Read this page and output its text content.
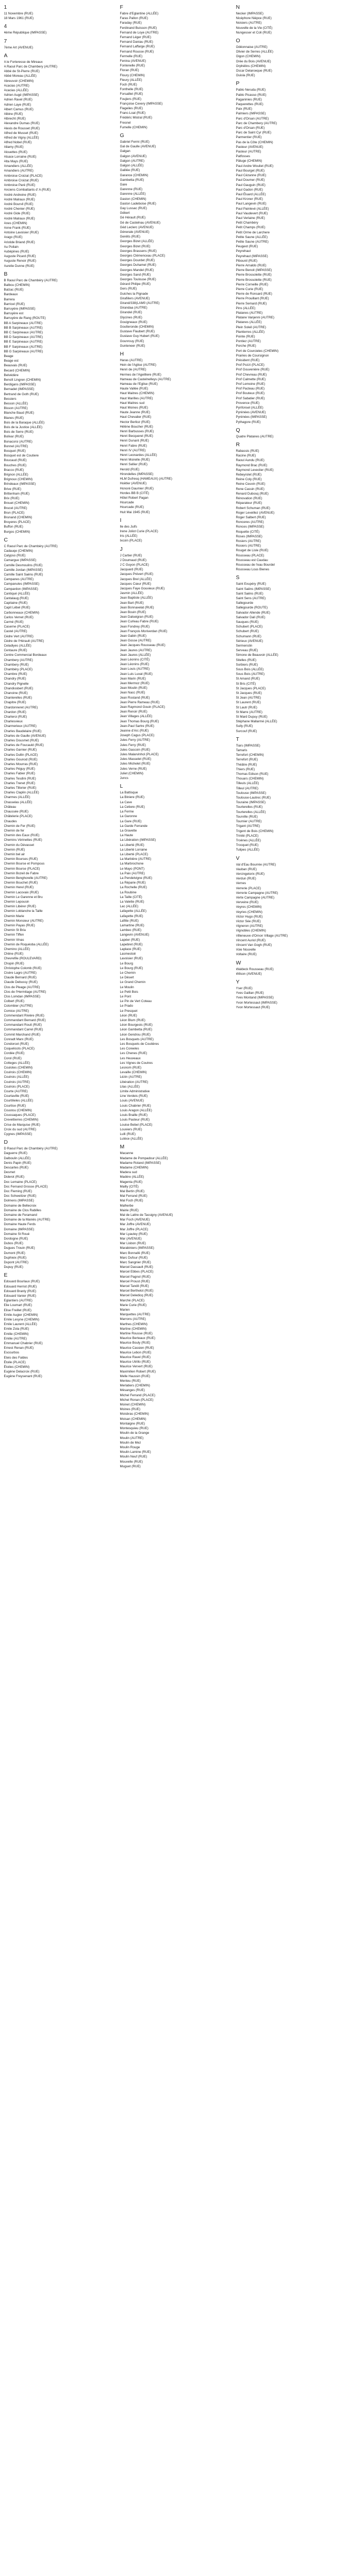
1
11 Novembre (RUE)
18 Mars 1961 (RUE)
4
4ème République (IMPASSE)
7
7ème Art (AVENUE)
A
A le Forteresse de Mireaux
A Raoul Parc de Chambery (AUTRE)
Abbé de St-Pierre (RUE)
Abbé Moreau (ALLÉE)
Abreuvoir (CHEMIN)
Acacias (AUTRE)
Acacias (ALLÉE)
Adrien Augé (IMPASSE)
Adrien Ravel (RUE)
Adrien Laye (RUE)
Albert Camus (RUE)
Albine (RUE)
Albrecht (RUE)
Alexandre Dumas (RUE)
Alexis de Rousset (RUE)
Alfred de Musset (RUE)
Alfred de Vigny (ALLÉE)
Alfred Nobel (RUE)
Allamy (RUE)
Alouettes (RUE)
Alsace Lorraine (RUE)
Alta Mays (RUE)
Amandiers (ALLÉE)
Amandiers (AUTRE)
Ambroise Croizat (PLACE)
Ambroise Croizat (RUE)
Ambroise Paré (RUE)
Anciens Combattants d' A (RUE)
André Andreine (RUE)
André Malraux (RUE)
André Bourvil (RUE)
André Chenier (RUE)
André Gide (RUE)
André Malraux (RUE)
Anes (CHEMIN)
Anne Frank (RUE)
Antoine Lavoisier (RUE)
Arago (RUE)
Aristide Briand (RUE)
Au Poilain
Aubépines (RUE)
Auguste Picard (RUE)
Auguste Renoir (RUE)
Aurelie Dunne (RUE)
B
B Raoul Parc de Chambéry (AUTRE)
Balbou (CHEMIN)
Balzac (RUE)
Bardeaux
Barrera
Barricel (RUE)
Barruyère (IMPASSE)
Barruyère est
Barruyère de Rang (ROUTE)
BB A Sarpineaux (AUTRE)
BB B Sarpineaux (AUTRE)
BB C Sarpineaux (AUTRE)
BB D Sarpineaux (AUTRE)
BB E Sarpineaux (AUTRE)
BB F Sarpineaux (AUTRE)
BB G Sarpineaux (AUTRE)
Beage
Beage est
Beauvais (RUE)
Becard (CHEMIN)
Belvédère
Benoît Lingren (CHEMIN)
Berdigans (IMPASSE)
Bernadet (IMPASSE)
Bertrand de Goth (RUE)
Bessiers
Besson (ALLÉE)
Bisson (AUTRE)
Blanche Baud (RUE)
Blanes (RUE)
Bois de la Baraque (ALLÉE)
Bois de la Justice (ALLÉE)
Bois de Serre (RUE)
Bolivar (RUE)
Bonacorsi (AUTRE)
Bonnel (AUTRE)
Bosquet (RUE)
Bosquet est de Coutiere
Boucaud (RUE)
Bouches (RUE)
Bracco (RUE)
Brignon (ALLÉE)
Brignoux (CHEMIN)
Brindeaux (IMPASSE)
Brive (RUE)
Brittenham (RUE)
Brix (RUE)
Brouet (CHEMIN)
Brucel (AUTRE)
Brun (PLACE)
Brunand (CHEMIN)
Bruyeres (PLACE)
Buffon (RUE)
Burgos (CHEMIN)
C
C Raoul Parc de Chambéry (AUTRE)
Cadauqe (CHEMIN)
Calypso (RUE)
Camargue (IMPASSE)
Camille Desmoulins (RUE)
Camille Jordan (IMPASSE)
Camille Saint Saëns (RUE)
Campanes (AUTRE)
Campanules (IMPASSE)
Campardon (IMPASSE)
Cantiqué (ALLÉE)
Cantalaug (RUE)
Capitaine (RUE)
Capit Lébel (RUE)
Carbonneaux (CHEMIN)
Carlos Vernet (RUE)
Carmé (RUE)
Caserne (PLACE)
Castel (AUTRE)
Cèdre Vert (AUTRE)
Cèdre de l'Hérault (AUTRE)
Celadiyes (ALLÉE)
Centaure (RUE)
Centre Commercial Bordeaux
Chambery (AUTRE)
Chambery (RUE)
Chambéry (PLACE)
Chambre (RUE)
Chandry (RUE)
Chandry Pignelle
Chandiosbert (RUE)
Chanoine (RUE)
Chanterelles (RUE)
Chapitre (RUE)
Chardonneret (AUTRE)
Chardon (RUE)
Charleroi (RUE)
Charlesvieux
Charmerieux (AUTRE)
Charles Baudelaire (RUE)
Charles de Gaulle (AVENUE)
Charles Dousmet (RUE)
Charles de Foucauld (RUE)
Charles Garnier (RUE)
Charles Dullin (PLACE)
Charles Gounod (RUE)
Charles Mourras (RUE)
Charles Péguy (RUE)
Charles Fabier (RUE)
Charles Tesdini (RUE)
Charles Trenet (RUE)
Charles Tillorier (RUE)
Charles Claplin (ALLÉE)
Charmes (ALLÉE)
Chasselas (ALLÉE)
Château
Chaussée (RUE)
Châtelerie (PLACE)
Chaudes
Chemin de Fer (RUE)
Chemin de fer
Chemin des Eaux (RUE)
Chemins Vérinettes (RUE)
Chemin du Dévasset
Chemin (RUE)
Chemin bel air
Chemin Bourses (RUE)
Chemin Bourse et Pompous
Chemin Bourse (PLACE)
Chemin Bozeil de Fabre
Chemin Benghorelle (AUTRE)
Chemin Bouchet (RUE)
Chemin Herel (RUE)
Chemin Lacovaix (RUE)
Chemin Le Garenne et Bru
Chemin Lepousin
Chemin Libérer (RUE)
Chemin Loblanche la Taille
Chemin Marie
Chemin Monsieur (AUTRE)
Chemin Payas (RUE)
Chemin St Bria
Chemin Tiffen
Chemin Vinas
Chemin de Roquéoba (ALLÉE)
Chemino (ALLÉE)
Chêne (RUE)
Chevrefile (ROULEVARD)
Chopin (RUE)
Christophe Colomb (RUE)
Cisère Lagro (AUTRE)
Claude Bernard (RUE)
Claude Debussy (RUE)
Clos de Pleage (AUTRE)
Clos de l'Hermitage (AUTRE)
Clos Lomdan (IMPASSE)
Colbert (RUE)
Colombier (AUTRE)
Comice (AUTRE)
Commendant Rivière (RUE)
Commandant Bernard (RUE)
Commandant Rouit (RUE)
Commandant Carrel (RUE)
Commit Marchand (RUE)
Conradt Marx (RUE)
Condorcet (RUE)
Coquelicots (PLACE)
Cordée (RUE)
Corol (RUE)
Cotteges (ALLÉE)
Coulotes (CHEMIN)
Coulrois (CHEMIN)
Coulrois (ALLÉE)
Coulrois (AUTRE)
Coulrois (PLACE)
Courte (AUTRE)
Courtaville (RUE)
Courtilieles (ALLÉE)
Courtise (RUE)
Coustou (CHEMIN)
Coussaques (PLACE)
Crevettierres (CHEMIN)
Crise de Marquise (RUE)
Croix du sud (AUTRE)
Cygnes (IMPASSE)
D
D Raoul Parc de Chambéry (AUTRE)
Daguerre (RUE)
Dalboulin (ALLÉE)
Denis Papin (RUE)
Descartes (RUE)
Desmet
Diderot (RUE)
Doc Lemaine (PLACE)
Doc Fernand Grosse (PLACE)
Doc Fleming (RUE)
Doc Schweitzer (RUE)
Dolmens (IMPASSE)
Domaine de Bellecroix
Domaine de Clos Rabilles
Domaine de Feramand
Domaine de la Maniés (AUTRE)
Domaine Haute Ferds
Domaine (IMPASSE)
Domaine St Roué
Dordogne (RUE)
Dubos (RUE)
Dugues Trouin (RUE)
Dumont (RUE)
Duphieix (RUE)
Dupont (AUTRE)
Dupuy (RUE)
E
Edouard Bourlaux (RUE)
Edouard Herriot (RUE)
Edouard Branly (RUE)
Edouard Vanier (RUE)
Eglantiers (AUTRE)
Elie Loumart (RUE)
Elise Freillet (RUE)
Emile Augier (CHEMIN)
Emile Lesyne (CHEMIN)
Emile Laurent (ALLÉE)
Emile Zola (RUE)
Emilie (CHEMIN)
Emilie (AUTRE)
Emmanuel Chabrier (RUE)
Ernest Renan (RUE)
Escourbos
Eteis des Faldes
Étoile (PLACE)
Étoiles (CHEMIN)
Eugène Delacroix (RUE)
Eugène Freysenant (RUE)
F
Fabre d'Eglantine (ALLÉE)
Faras Pallon (RUE)
Faraday (RUE)
Ferdinand Buisson (RUE)
Fernand de Loye (AUTRE)
Fernand Léger (RUE)
Fernand Daniau (RUE)
Fernand Laffarge (RUE)
Fernand Rousse (RUE)
Fermelle (RUE)
Fenina (AVENUE)
Fontenelle (RUE)
Floran (RUE)
Floury (CHEMIN)
Fleury (ALLÉE)
Foch (RUE)
Fonthelle (RUE)
Forsaillet (RUE)
Foujiers (RUE)
Françoise Cevery (IMPASSE)
Flageiles (RUE)
Franc-Loat (RUE)
Frédéric Mistral (RUE)
Fresnel
Fumelle (CHEMIN)
G
Gabriel Fermi (RUE)
Gal de Gaulle (AVENUE)
Galgan
Galgon (AVENUE)
Galgon (AUTRE)
Galgon (ALLÉE)
Galilée (RUE)
Garance (CHEMIN)
Gambetta (RUE)
Gare
Garenne (RUE)
Garenne (ALLÉE)
Gaston (CHEMIN)
Gaston Ladeboise (RUE)
Gay Lussac (RUE)
Gébert
Gé Hérault (RUE)
Gé de Castelnau (AVENUE)
Géd Leclerc (AVENUE)
Génerale (AVENUE)
Genêts (RUE)
Georges Bizet (ALLÉE)
Georges Bizet (RUE)
Georges Brassens (RUE)
Georges Clémenceau (PLACE)
Georges Dourdet (RUE)
Georges Duhamel (RUE)
Georges Mandel (RUE)
Georges Sand (RUE)
Georges Toulouse (RUE)
Gérard Philipe (RUE)
Gers (RUE)
Guiches la Pignade
Girafiilers (AVENUE)
Girand/338(LAM0 (AUTRE)
Girandaa (AUTRE)
Girandel (RUE)
Glycines (RUE)
Gouigneaux (RUE)
Goutteronde (CHEMIN)
Gustave Flaubert (RUE)
Gustave Guy Hubert (RUE)
Gounrouy (RUE)
Gunteneer (RUE)
H
Haras (AUTRE)
Hein de l'Aglise (AUTRE)
Henri de (AUTRE)
Hermes de l'Ageilliere (RUE)
Hameau de Castelnelleys (AUTRE)
Hameau de l'Eglise (RUE)
Haute Vallée (RUE)
Haut Maitres (CHEMIN)
Haut Marilles (AUTRE)
Haut Maitres sud
Haut Moines (RUE)
Haute Jeanne (RUE)
Haut Chevalier (RUE)
Hector Berlioz (RUE)
Hélène Boucher (RUE)
Henri Barbusses (RUE)
Henri Becquerel (RUE)
Henri Dunant (RUE)
Henri Fabre (RUE)
Henri IV (AUTRE)
Henri Leonardes (ALLÉE)
Henri Moirelle (RUE)
Henri Sellier (RUE)
Herold (RUE)
Hirondelles (IMPASSE)
HLM Dufresq (HAMEAUX) (AUTRE)
Hoëtler (AVENUE)
Honoré Daumier (RUE)
Hordes BB B (CITÉ)
Hôtel Robert Pagan
Hourcade
Hourcade (RUE)
Huit Mai 1945 (RUE)
I
Ile des Juifs
Irene Joliot Curie (PLACE)
Iris (ALLÉE)
Ixcoin (PLACE)
J
J Cartier (RUE)
J Doumaud (RUE)
J C Guyon (PLACE)
Jacquard (RUE)
Jacques Prévert (RUE)
Jacques Brel (ALLÉE)
Jacques Cœur (RUE)
Jacques Faye Gouvieux (RUE)
Jasmin (ALLÉE)
Jean Baptiste (ALLÉE)
Jean Bart (RUE)
Jean Bonnavelat (RUE)
Jean Bouin (RUE)
Jean Dalseigran (RUE)
Jean Curleau Fabre (RUE)
Jean Fondrey (RUE)
Jean François Moriverdan (RUE)
Jean Gabin (RUE)
Jean Gosse (AUTRE)
Jean Jacques Rousseau (RUE)
Jean Jaures (AUTRE)
Jean Jaures (ALLÉE)
Jean Léonins (CITÉ)
Jean Léonins (RUE)
Jean Louis (AUTRE)
Jean Luis Luxat (RUE)
Jean Marin (RUE)
Jean Mermoz (RUE)
Jean Moulin (RUE)
Jean Nacc (RUE)
Jean Rostand (RUE)
Jean Pierre Rameau (RUE)
Jean Raymond Gouin (PLACE)
Jean Renoir (RUE)
Jean Villages (ALLÉE)
Jean Thomas Bourg (RUE)
Jean-Paul Sartre (RUE)
Jeanne d'Arc (RUE)
Joseph Cagus (PLACE)
Jules Ferry (AUTRE)
Jules Ferry (RUE)
Jules Gascoin (RUE)
Jules Malarvinhol (PLACE)
Jules Masselet (RUE)
Jules Michelet (RUE)
Jules Verne (RUE)
Juliet (CHEMIN)
Juncs
L
La Battisque
La Biniere (RUE)
La Cave
La Cetiere (RUE)
La Ferme
La Garonne
La Gare (RUE)
La Garde Ferrande
La Gravette
La Haute
La Libération (IMPASSE)
La Liberté (RUE)
La Liberté Lorraine
La Liberté (PLACE)
La Marbière (AUTRE)
La Marbrochone
Le Mayo (PONT)
La Paix (AUTRE)
La Pendelvigne (RUE)
La Réparie (RUE)
La Rochelle (RUE)
La Roubine
La Taille (CITÉ)
La Valette (RUE)
Lac (ALLÉE)
Lafayette (ALLÉE)
Lafayette (RUE)
Lafitte (RUE)
Lamartine (RUE)
Lambec (RUE)
Langevin (AVENUE)
Lapéer (RUE)
Lapebret (RUE)
Laplace (RUE)
Lasmestoë
Lavoisier (RUE)
Le Bourg
Le Bourg (RUE)
Le Chemin
Le Désert
Le Grand Chemin
Le Moulin
Le Petit Bois
Le Pont
Le Pin de Vert Coteau
Le Prado
Le Presquet
Léon (RUE)
Léon Blum (RUE)
Léon Bourgeois (RUE)
Léon Gambetta (RUE)
Léon Gendrou (RUE)
Les Bosquets (AUTRE)
Les Bosquets de Coutières
Les Coreeles
Les Chenes (RUE)
Les Heuveaux
Les Vignes de Coutres
Lesnom (RUE)
Levaille (CHEMIN)
Lézin (AUTRE)
Libération (AUTRE)
Lilas (ALLÉE)
Limite Administrative
Line Verdeis (RUE)
Louis (AVENUE)
Louis Chabrier (RUE)
Louis Aragon (ALLÉE)
Louis Braille (RUE)
Louis Pasteur (RUE)
Louise Bebel (PLACE)
Louviers (RUE)
Lulli (RUE)
Lutèce (ALLÉE)
M
Macanne
Madame de Pompadour (ALLÉE)
Madame Roland (IMPASSE)
Madame (CHEMIN)
Madera sud
Madère (ALLÉE)
Magenta (RUE)
Mailly (CITÉ)
Mal Bertin (RUE)
Mal Ferrand (RUE)
Mal Foch (RUE)
Malherbe
Mairie (RUE)
Mal de Lattre de Tassigny (AVENUE)
Mar Foch (AVENUE)
Mar Joffre (AVENUE)
Mar Joffre (PLACE)
Mar Lyautey (RUE)
Mar (AVENUE)
Mar Lisbon (RUE)
Marabiniers (IMPASSE)
Marc Bonnafé (RUE)
Marc Dufour (RUE)
Marc Sangnier (RUE)
Marcel Dassault (RUE)
Marcel Ebbes (PLACE)
Marcel Pagnol (RUE)
Marcel Proust (RUE)
Marcel Tandil (RUE)
Marcel Berthelot (RUE)
Marcel Deledicq (RUE)
Marché (PLACE)
Marie Curie (RUE)
Marien
Marquettes (AUTRE)
Marrons (AUTRE)
Marthes (CHEMIN)
Martine (CHEMIN)
Martine Rousse (RUE)
Maurice Berteaux (RUE)
Maurice Bouly (RUE)
Maurice Cassien (RUE)
Maurice Lebon (RUE)
Maurice Ravel (RUE)
Maurice Utrillo (RUE)
Maurice Ververt (RUE)
Maximilien Robert (RUE)
Melle Haussin (RUE)
Menteu (RUE)
Merlatiers (CHEMIN)
Mésanges (RUE)
Michel Ferrand (PLACE)
Michel Ronan (PLACE)
Moinet (CHEMIN)
Moines (RUE)
Moisbras (CHEMIN)
Moisan (CHEMIN)
Montaigne (RUE)
Montesquieu (RUE)
Moulin de la Grange
Moulin (AUTRE)
Moulin de Mez
Moulin Rouge
Moulin Lamine (RUE)
Moulin Neuf (RUE)
Mouvelle (RUE)
Muguet (RUE)
N
Necker (IMPASSE)
Nicéphore Niépce (RUE)
Noisiers (AUTRE)
Nouvelle de la Vie (CITÉ)
Nungesser et Coli (RUE)
O
Odéonnaise (AUTRE)
Olivier de Serres (ALLÉE)
Oigon (CHEMIN)
Orée du Bois (AVENUE)
Orphélins (CHEMIN)
Oscar Delaroeque (RUE)
Ouisla (RUE)
P
Pablo Neruda (RUE)
Pablo Picasso (RUE)
Paganinies (RUE)
Paquerettes (RUE)
Paix (RUE)
Palmiers (IMPASSE)
Parc d'Orsan (AUTRE)
Parc de Chambery (AUTRE)
Parc d'Orsan (RUE)
Parc de Saint Cyr (RUE)
Parmentier (RUE)
Pas de la Côte (CHEMIN)
Pasteur (AVENUE)
Pasteur (AUTRE)
Patfosses
Pâtuge (CHEMIN)
Paul Andre Wouliet (RUE)
Paul Bourget (RUE)
Paul Cézanne (RUE)
Paul Doumer (RUE)
Paul Gauguin (RUE)
Paul Gadon (RUE)
Paul Éluard (ALLÉE)
Paul Kroner (RUE)
Paul Langevin (RUE)
Paul Painlevé (ALLÉE)
Paul Vaudevert (RUE)
Paul Verlaine (RUE)
Petit Chambéry
Petit Champs (RUE)
Petit Orme de Larchere
Petite Saune (ALLÉE)
Petite Saune (AUTRE)
Peugeot (RUE)
Peyrehaut
Peyrehaut (IMPASSE)
Pibounil (RUE)
Pierre Arnaldo (RUE)
Pierre Benoit (IMPASSE)
Pierre Brossolette (RUE)
Pierre Brossolette (RUE)
Pierre Corneille (RUE)
Pierre Curie (RUE)
Pierre de Ronsard (RUE)
Pierre Prouillant (RUE)
Pierre Semard (RUE)
Pins (ALLÉE)
Platanes (AUTRE)
Platane Vanjenni (AUTRE)
Platanes (ALLÉE)
Plein Soleil (AUTRE)
Plantierres (ALLÉE)
Pointe (RUE)
Pontiez (AUTRE)
Porche (RUE)
Port de Courcieles (CHEMIN)
Prairies de Coursignon
Président (RUE)
Prof Pozzi (PLACE)
Prof Gouvenière (RUE)
Prof Chevreau (RUE)
Prof Calmette (RUE)
Prof Lemoine (RUE)
Prof Pacteau (RUE)
Prof Bouteux (RUE)
Prof Sabatier (RUE)
Provence (RUE)
Pynfonsel (ALLÉE)
Pyrénées (AVENUE)
Pyrénées (IMPASSE)
Pythagore (RUE)
Q
Quatre Platanes (AUTRE)
R
Rabassis (RUE)
Racine (RUE)
Raoul Aundu (RUE)
Raymond Brac (RUE)
Raymond Leveclier (RUE)
Rebeyrolet (RUE)
Reine Coly (RUE)
Reine Ceuvin (RUE)
Rene Cassin (RUE)
Renard Dubosq (RUE)
Rénovation (RUE)
Réparateur (RUE)
Robert Schuman (RUE)
Roger Leveillez (AVENUE)
Roger Salbert (RUE)
Ronceres (AUTRE)
Ronces (IMPASSE)
Roquette (CITÉ)
Roses (IMPASSE)
Rosiers (AUTRE)
Rosiers (AUTRE)
Rouget de Lisle (RUE)
Rousseau (PLACE)
Rousseau est Caudau
Rousseau de l'eau Bourdel
Rousseau Lous Bienes
S
Saint Exupéry (RUE)
Saint Saëns (IMPASSE)
Saint Saëns (RUE)
Saint Sens (AUTRE)
Sallegourde
Sallegourde (ROUTE)
Salvador Allende (RUE)
Salvador Dalí (RUE)
Sauques (RUE)
Schubert (PLACE)
Schubert (RUE)
Schumann (RUE)
Sérieux (AVENUE)
Sermenstin
Serveau (RUE)
Simone de Beauvoir (ALLÉE)
Sitelles (RUE)
Sorbiers (RUE)
Sous Bois (ALLÉE)
Sous Bois (AUTRE)
St Amand (RUE)
St Bris (CITÉ)
St Jacques (PLACE)
St Jacques (RUE)
St Jean (AUTRE)
St Laurent (RUE)
St Lautr (RUE)
St Marre (AUTRE)
St Mard Dupuy (RUE)
Stéphane Mallarmé (ALLÉE)
Sully (RUE)
Surcouf (RUE)
T
Tiars (IMPASSE)
Tamaris
Terrefort (CHEMIN)
Terrefort (RUE)
Théâtre (RUE)
Thiers (RUE)
Thomas Edison (RUE)
Thouars (CHEMIN)
Tilleuls (ALLÉE)
Tilleul (AUTRE)
Toulouse (IMPASSE)
Toulouse-Lautrec (RUE)
Touraine (IMPASSE)
Tourterelles (RUE)
Tourterelles (ALLÉE)
Tourville (RUE)
Tournier (AUTRE)
Trigant (AUTRE)
Trigent de Bois (CHEMIN)
Trinité (PLACE)
Troènes (ALLÉE)
Trocquet (RUE)
Tulipes (ALLÉE)
V
Val d'Eau Bourrée (AUTRE)
Vauban (RUE)
Vercingetorix (RUE)
Verdun (RUE)
Vernes
Verrerie (PLACE)
Verrerie Campagne (AUTRE)
Verte Campagne (AUTRE)
Verveine (RUE)
Veyres (CHEMIN)
Veyries (CHEMIN)
Victor Hugo (RUE)
Victor Sée (RUE)
Vigneron (AUTRE)
Vignobles (CHEMIN)
Villeneuve d'Ornon Village (AUTRE)
Vincent Auriol (RUE)
Vincent Van Gogh (RUE)
Voie Nouvelle
Voltaire (RUE)
W
Waldeck Rousseau (RUE)
Wilson (AVENUE)
Y
Yser (RUE)
Yves Gaillan (RUE)
Yves Montand (IMPASSE)
Yvon Mortessaut (IMPASSE)
Yvon Mortessaut (RUE)
